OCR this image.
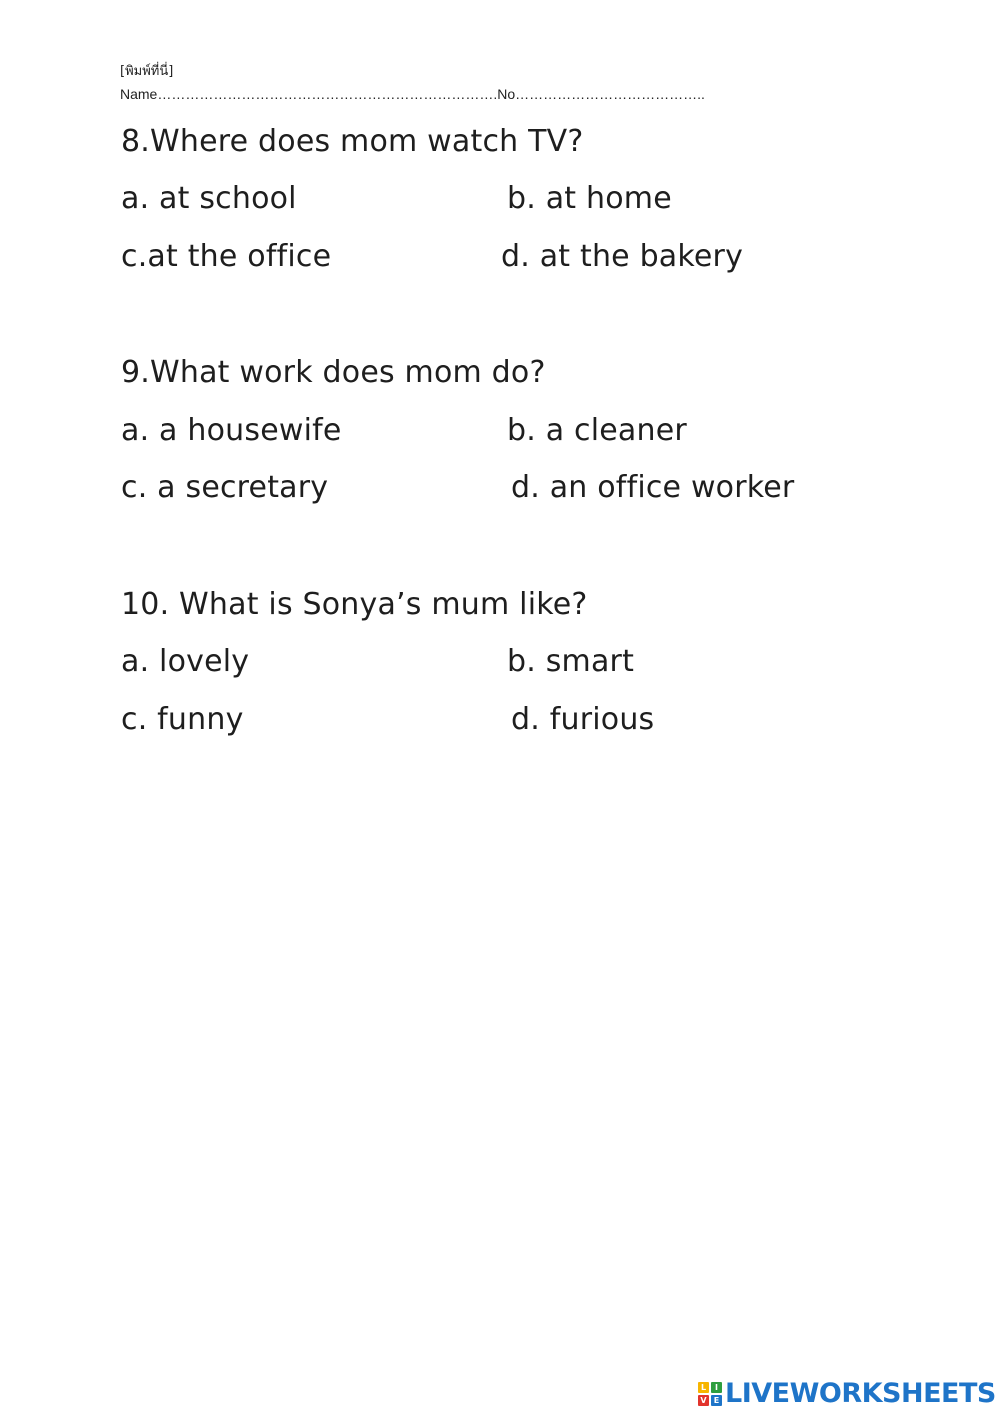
[พิมพ์ที่นี่]
Name……………………………………………………………….No…………………………………..
8.Where does mom watch TV?
a. at school	b. at home
c.at the office	d. at the bakery
9.What work does mom do?
a. a housewife	b. a cleaner
c. a secretary	d. an office worker
10. What is Sonya’s mum like?
a. lovely	b. smart
c. funny	d. furious
L	I
V E LIVEWORKSHEETS
